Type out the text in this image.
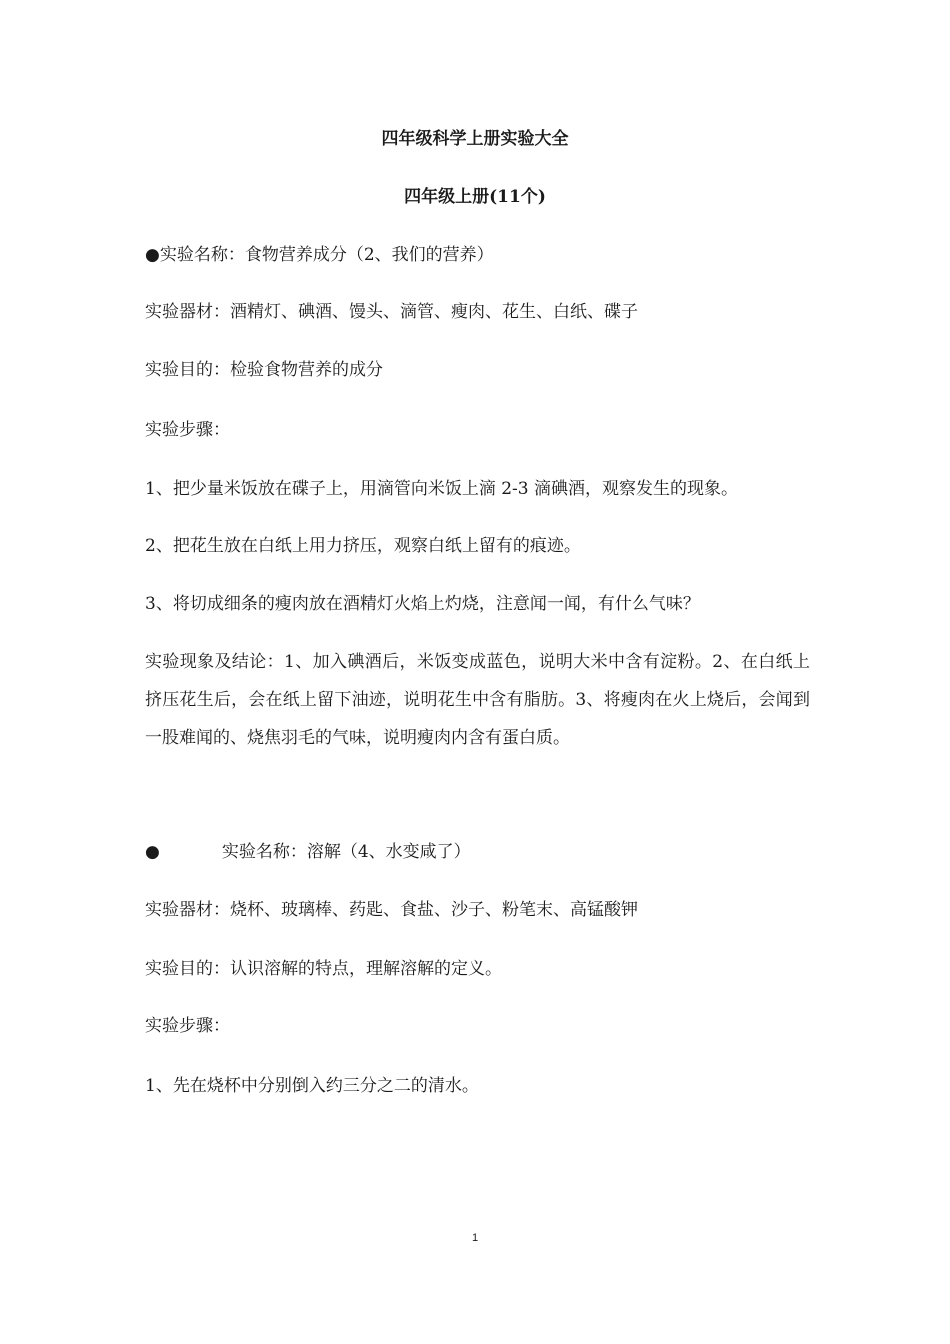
四年级科学上册实验大全
四年级上册(11个)
●实验名称：食物营养成分（2、我们的营养）
实验器材：酒精灯、碘酒、馒头、滴管、瘦肉、花生、白纸、碟子
实验目的：检验食物营养的成分
实验步骤：
1、把少量米饭放在碟子上，用滴管向米饭上滴 2-3 滴碘酒，观察发生的现象。
2、把花生放在白纸上用力挤压，观察白纸上留有的痕迹。
3、将切成细条的瘦肉放在酒精灯火焰上灼烧，注意闻一闻，有什么气味？
实验现象及结论：1、加入碘酒后，米饭变成蓝色，说明大米中含有淀粉。2、在白纸上挤压花生后，会在纸上留下油迹，说明花生中含有脂肪。3、将瘦肉在火上烧后，会闻到一股难闻的、烧焦羽毛的气味，说明瘦肉内含有蛋白质。
●	实验名称：溶解（4、水变咸了）
实验器材：烧杯、玻璃棒、药匙、食盐、沙子、粉笔末、高锰酸钾
实验目的：认识溶解的特点，理解溶解的定义。
实验步骤：
1、先在烧杯中分别倒入约三分之二的清水。
1
